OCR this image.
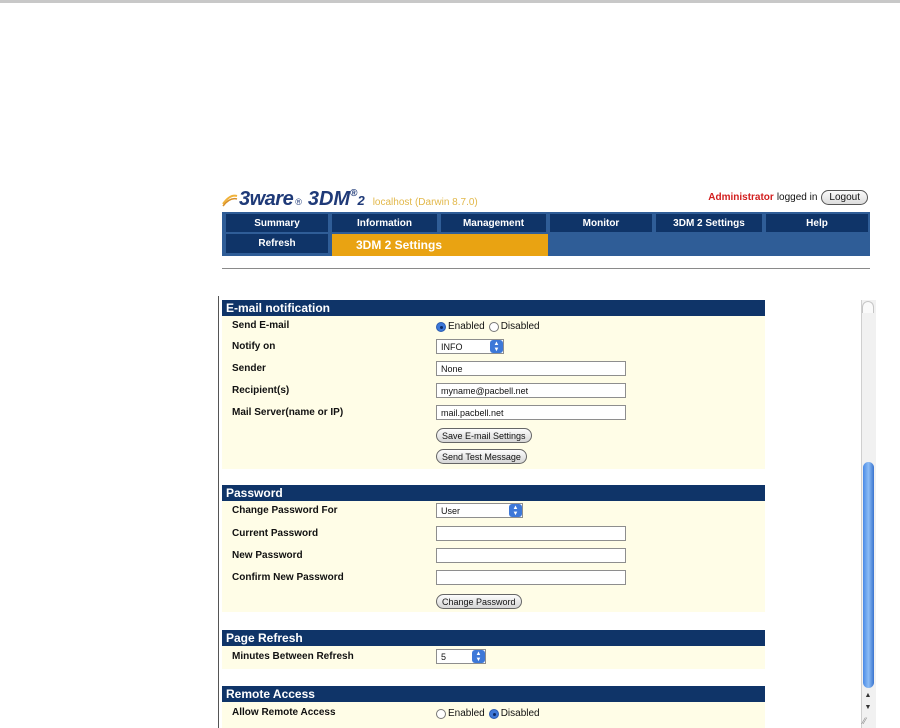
3ware ® 3DM ® 2 localhost (Darwin 8.7.0)	Administrator logged in	Logout
Summary	Information	Management	Monitor	3DM 2 Settings	Help
Refresh	3DM 2 Settings
E-mail notification
Send E-mail	Enabled Disabled
Notify on	INFO	▲
▼
Sender	None
Recipient(s)	myname@pacbell.net
Mail Server(name or IP)	mail.pacbell.net
Save E-mail Settings
Send Test Message
Password
Change Password For	User	▲
▼
Current Password
New Password
Confirm New Password
Change Password
Page Refresh
Minutes Between Refresh	5	▲
▼
Remote Access
Allow Remote Access	Enabled Disabled
▲
▼
⁄⁄
